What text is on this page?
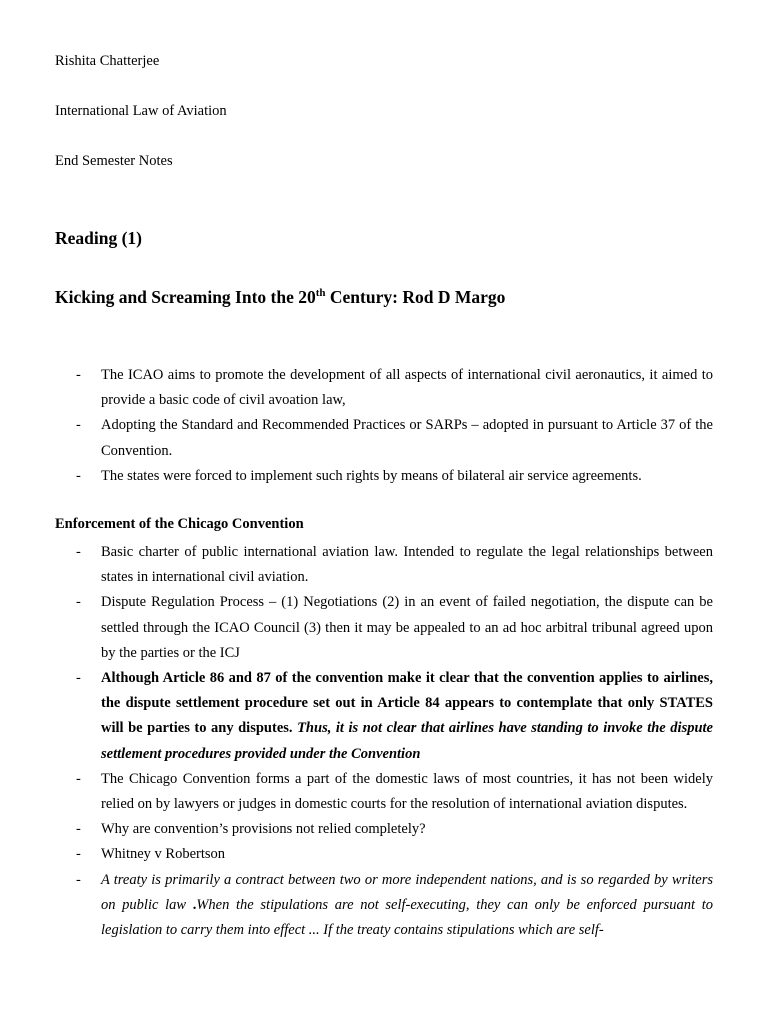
Rishita Chatterjee
International Law of Aviation
End Semester Notes
Reading (1)
Kicking and Screaming Into the 20th Century: Rod D Margo
- The ICAO aims to promote the development of all aspects of international civil aeronautics, it aimed to provide a basic code of civil avoation law,
- Adopting the Standard and Recommended Practices or SARPs – adopted in pursuant to Article 37 of the Convention.
- The states were forced to implement such rights by means of bilateral air service agreements.
Enforcement of the Chicago Convention
- Basic charter of public international aviation law. Intended to regulate the legal relationships between states in international civil aviation.
- Dispute Regulation Process – (1) Negotiations (2) in an event of failed negotiation, the dispute can be settled through the ICAO Council (3) then it may be appealed to an ad hoc arbitral tribunal agreed upon by the parties or the ICJ
- Although Article 86 and 87 of the convention make it clear that the convention applies to airlines, the dispute settlement procedure set out in Article 84 appears to contemplate that only STATES will be parties to any disputes. Thus, it is not clear that airlines have standing to invoke the dispute settlement procedures provided under the Convention
- The Chicago Convention forms a part of the domestic laws of most countries, it has not been widely relied on by lawyers or judges in domestic courts for the resolution of international aviation disputes.
- Why are convention’s provisions not relied completely?
- Whitney v Robertson
- A treaty is primarily a contract between two or more independent nations, and is so regarded by writers on public law .When the stipulations are not self-executing, they can only be enforced pursuant to legislation to carry them into effect ... If the treaty contains stipulations which are self-
